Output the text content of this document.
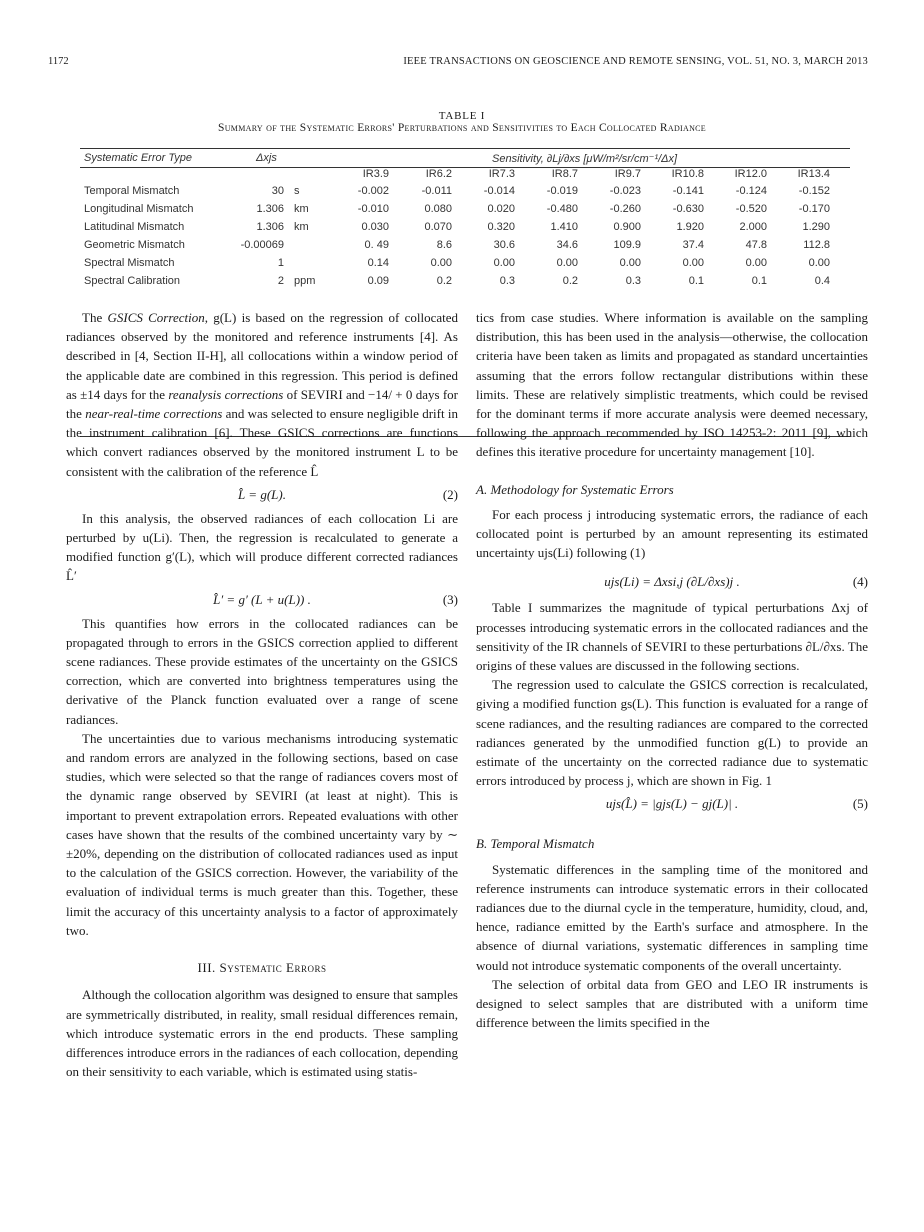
1172	IEEE TRANSACTIONS ON GEOSCIENCE AND REMOTE SENSING, VOL. 51, NO. 3, MARCH 2013
TABLE I
Summary of the Systematic Errors' Perturbations and Sensitivities to Each Collocated Radiance
Systematic Error Type	Δxjs	Sensitivity, ∂Lj/∂xs [μW/m²/sr/cm⁻¹/Δx]
IR3.9	IR6.2	IR7.3	IR8.7	IR9.7	IR10.8	IR12.0	IR13.4
Temporal Mismatch	30 s	-0.002	-0.011	-0.014	-0.019	-0.023	-0.141	-0.124	-0.152
Longitudinal Mismatch	1.306 km	-0.010	0.080	0.020	-0.480	-0.260	-0.630	-0.520	-0.170
Latitudinal Mismatch	1.306 km	0.030	0.070	0.320	1.410	0.900	1.920	2.000	1.290
Geometric Mismatch	-0.00069	0. 49	8.6	30.6	34.6	109.9	37.4	47.8	112.8
Spectral Mismatch	1	0.14	0.00	0.00	0.00	0.00	0.00	0.00	0.00
Spectral Calibration	2 ppm	0.09	0.2	0.3	0.2	0.3	0.1	0.1	0.4

The GSICS Correction, g(L) is based on the regression of collocated radiances observed by the monitored and reference instruments [4]. As described in [4, Section II-H], all collocations within a window period of the applicable date are combined in this regression. This period is defined as ±14 days for the reanalysis corrections of SEVIRI and −14/ + 0 days for the near-real-time corrections and was selected to ensure negligible drift in the instrument calibration [6]. These GSICS corrections are functions which convert radiances observed by the monitored instrument L to be consistent with the calibration of the reference L̂

L̂ = g(L).	(2)

In this analysis, the observed radiances of each collocation Li are perturbed by u(Li). Then, the regression is recalculated to generate a modified function g′(L), which will produce different corrected radiances L̂′

L̂′ = g′ (L + u(L)) .	(3)

This quantifies how errors in the collocated radiances can be propagated through to errors in the GSICS correction applied to different scene radiances. These provide estimates of the uncertainty on the GSICS correction, which are converted into brightness temperatures using the derivative of the Planck function evaluated over a range of scene radiances.

The uncertainties due to various mechanisms introducing systematic and random errors are analyzed in the following sections, based on case studies, which were selected so that the range of radiances covers most of the dynamic range observed by SEVIRI (at least at night). This is important to prevent extrapolation errors. Repeated evaluations with other cases have shown that the results of the combined uncertainty vary by ∼ ±20%, depending on the distribution of collocated radiances used as input to the calculation of the GSICS correction. However, the variability of the evaluation of individual terms is much greater than this. Together, these limit the accuracy of this uncertainty analysis to a factor of approximately two.

III. Systematic Errors

Although the collocation algorithm was designed to ensure that samples are symmetrically distributed, in reality, small residual differences remain, which introduce systematic errors in the end products. These sampling differences introduce errors in the radiances of each collocation, depending on their sensitivity to each variable, which is estimated using statis-

tics from case studies. Where information is available on the sampling distribution, this has been used in the analysis—otherwise, the collocation criteria have been taken as limits and propagated as standard uncertainties assuming that the errors follow rectangular distributions within these limits. These are relatively simplistic treatments, which could be revised for the dominant terms if more accurate analysis were deemed necessary, following the approach recommended by ISO 14253-2: 2011 [9], which defines this iterative procedure for uncertainty management [10].

A. Methodology for Systematic Errors

For each process j introducing systematic errors, the radiance of each collocated point is perturbed by an amount representing its estimated uncertainty ujs(Li) following (1)

ujs(Li) = Δxsi,j (∂L/∂xs)j .	(4)

Table I summarizes the magnitude of typical perturbations Δxj of processes introducing systematic errors in the collocated radiances and the sensitivity of the IR channels of SEVIRI to these perturbations ∂L/∂xs. The origins of these values are discussed in the following sections.

The regression used to calculate the GSICS correction is recalculated, giving a modified function gs(L). This function is evaluated for a range of scene radiances, and the resulting radiances are compared to the corrected radiances generated by the unmodified function g(L) to provide an estimate of the uncertainty on the corrected radiance due to systematic errors introduced by process j, which are shown in Fig. 1

ujs(L̂) = |gjs(L) − gj(L)| .	(5)

B. Temporal Mismatch

Systematic differences in the sampling time of the monitored and reference instruments can introduce systematic errors in their collocated radiances due to the diurnal cycle in the temperature, humidity, cloud, and, hence, radiance emitted by the Earth's surface and atmosphere. In the absence of diurnal variations, systematic differences in sampling time would not introduce systematic components of the overall uncertainty.

The selection of orbital data from GEO and LEO IR instruments is designed to select samples that are distributed with a uniform time difference between the limits specified in the
